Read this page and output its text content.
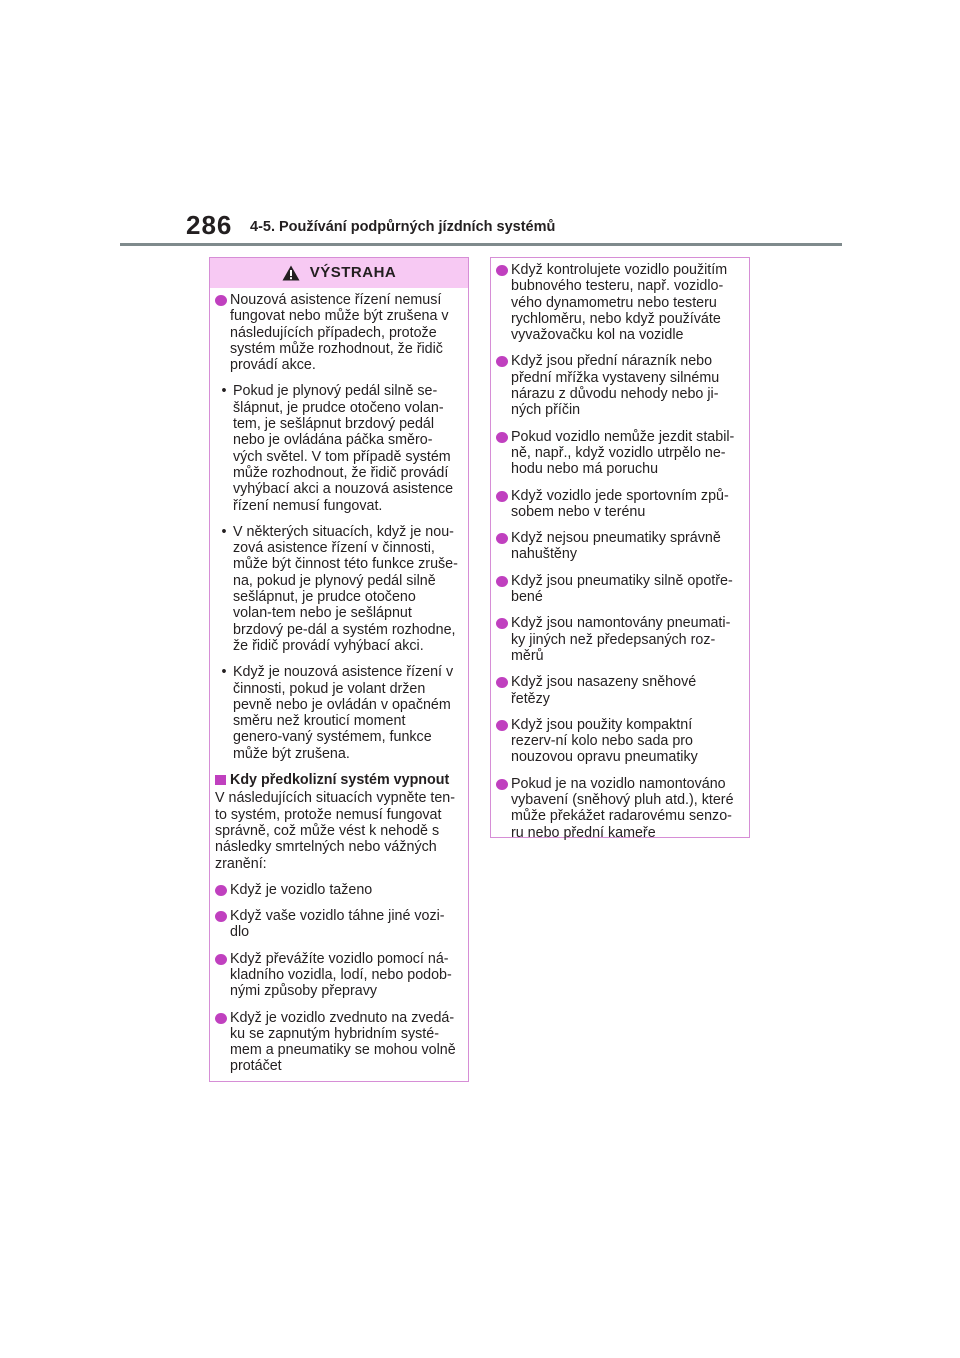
286 4-5. Používání podpůrných jízdních systémů
VÝSTRAHA
Nouzová asistence řízení nemusí fungovat nebo může být zrušena v následujících případech, protože systém může rozhodnout, že řidič provádí akce.
• Pokud je plynový pedál silně se-šlápnut, je prudce otočeno volan-tem, je sešlápnut brzdový pedál nebo je ovládána páčka směro-vých světel. V tom případě systém může rozhodnout, že řidič provádí vyhýbací akci a nouzová asistence řízení nemusí fungovat.
• V některých situacích, když je nou-zová asistence řízení v činnosti, může být činnost této funkce zruše-na, pokud je plynový pedál silně sešlápnut, je prudce otočeno volan-tem nebo je sešlápnut brzdový pe-dál a systém rozhodne, že řidič provádí vyhýbací akci.
• Když je nouzová asistence řízení v činnosti, pokud je volant držen pevně nebo je ovládán v opačném směru než krouticí moment genero-vaný systémem, funkce může být zrušena.
Kdy předkolizní systém vypnout
V následujících situacích vypněte ten-to systém, protože nemusí fungovat správně, což může vést k nehodě s následky smrtelných nebo vážných zranění:
Když je vozidlo taženo
Když vaše vozidlo táhne jiné vozi-dlo
Když převážíte vozidlo pomocí ná-kladního vozidla, lodí, nebo podob-nými způsoby přepravy
Když je vozidlo zvednuto na zvedá-ku se zapnutým hybridním systé-mem a pneumatiky se mohou volně protáčet
Když kontrolujete vozidlo použitím bubnového testeru, např. vozidlo-vého dynamometru nebo testeru rychloměru, nebo když používáte vyvažovačku kol na vozidle
Když jsou přední nárazník nebo přední mřížka vystaveny silnému nárazu z důvodu nehody nebo ji-ných příčin
Pokud vozidlo nemůže jezdit stabil-ně, např., když vozidlo utrpělo ne-hodu nebo má poruchu
Když vozidlo jede sportovním způ-sobem nebo v terénu
Když nejsou pneumatiky správně nahuštěny
Když jsou pneumatiky silně opotře-bené
Když jsou namontovány pneumati-ky jiných než předepsaných roz-měrů
Když jsou nasazeny sněhové řetězy
Když jsou použity kompaktní rezerv-ní kolo nebo sada pro nouzovou opravu pneumatiky
Pokud je na vozidlo namontováno vybavení (sněhový pluh atd.), které může překážet radarovému senzo-ru nebo přední kameře
